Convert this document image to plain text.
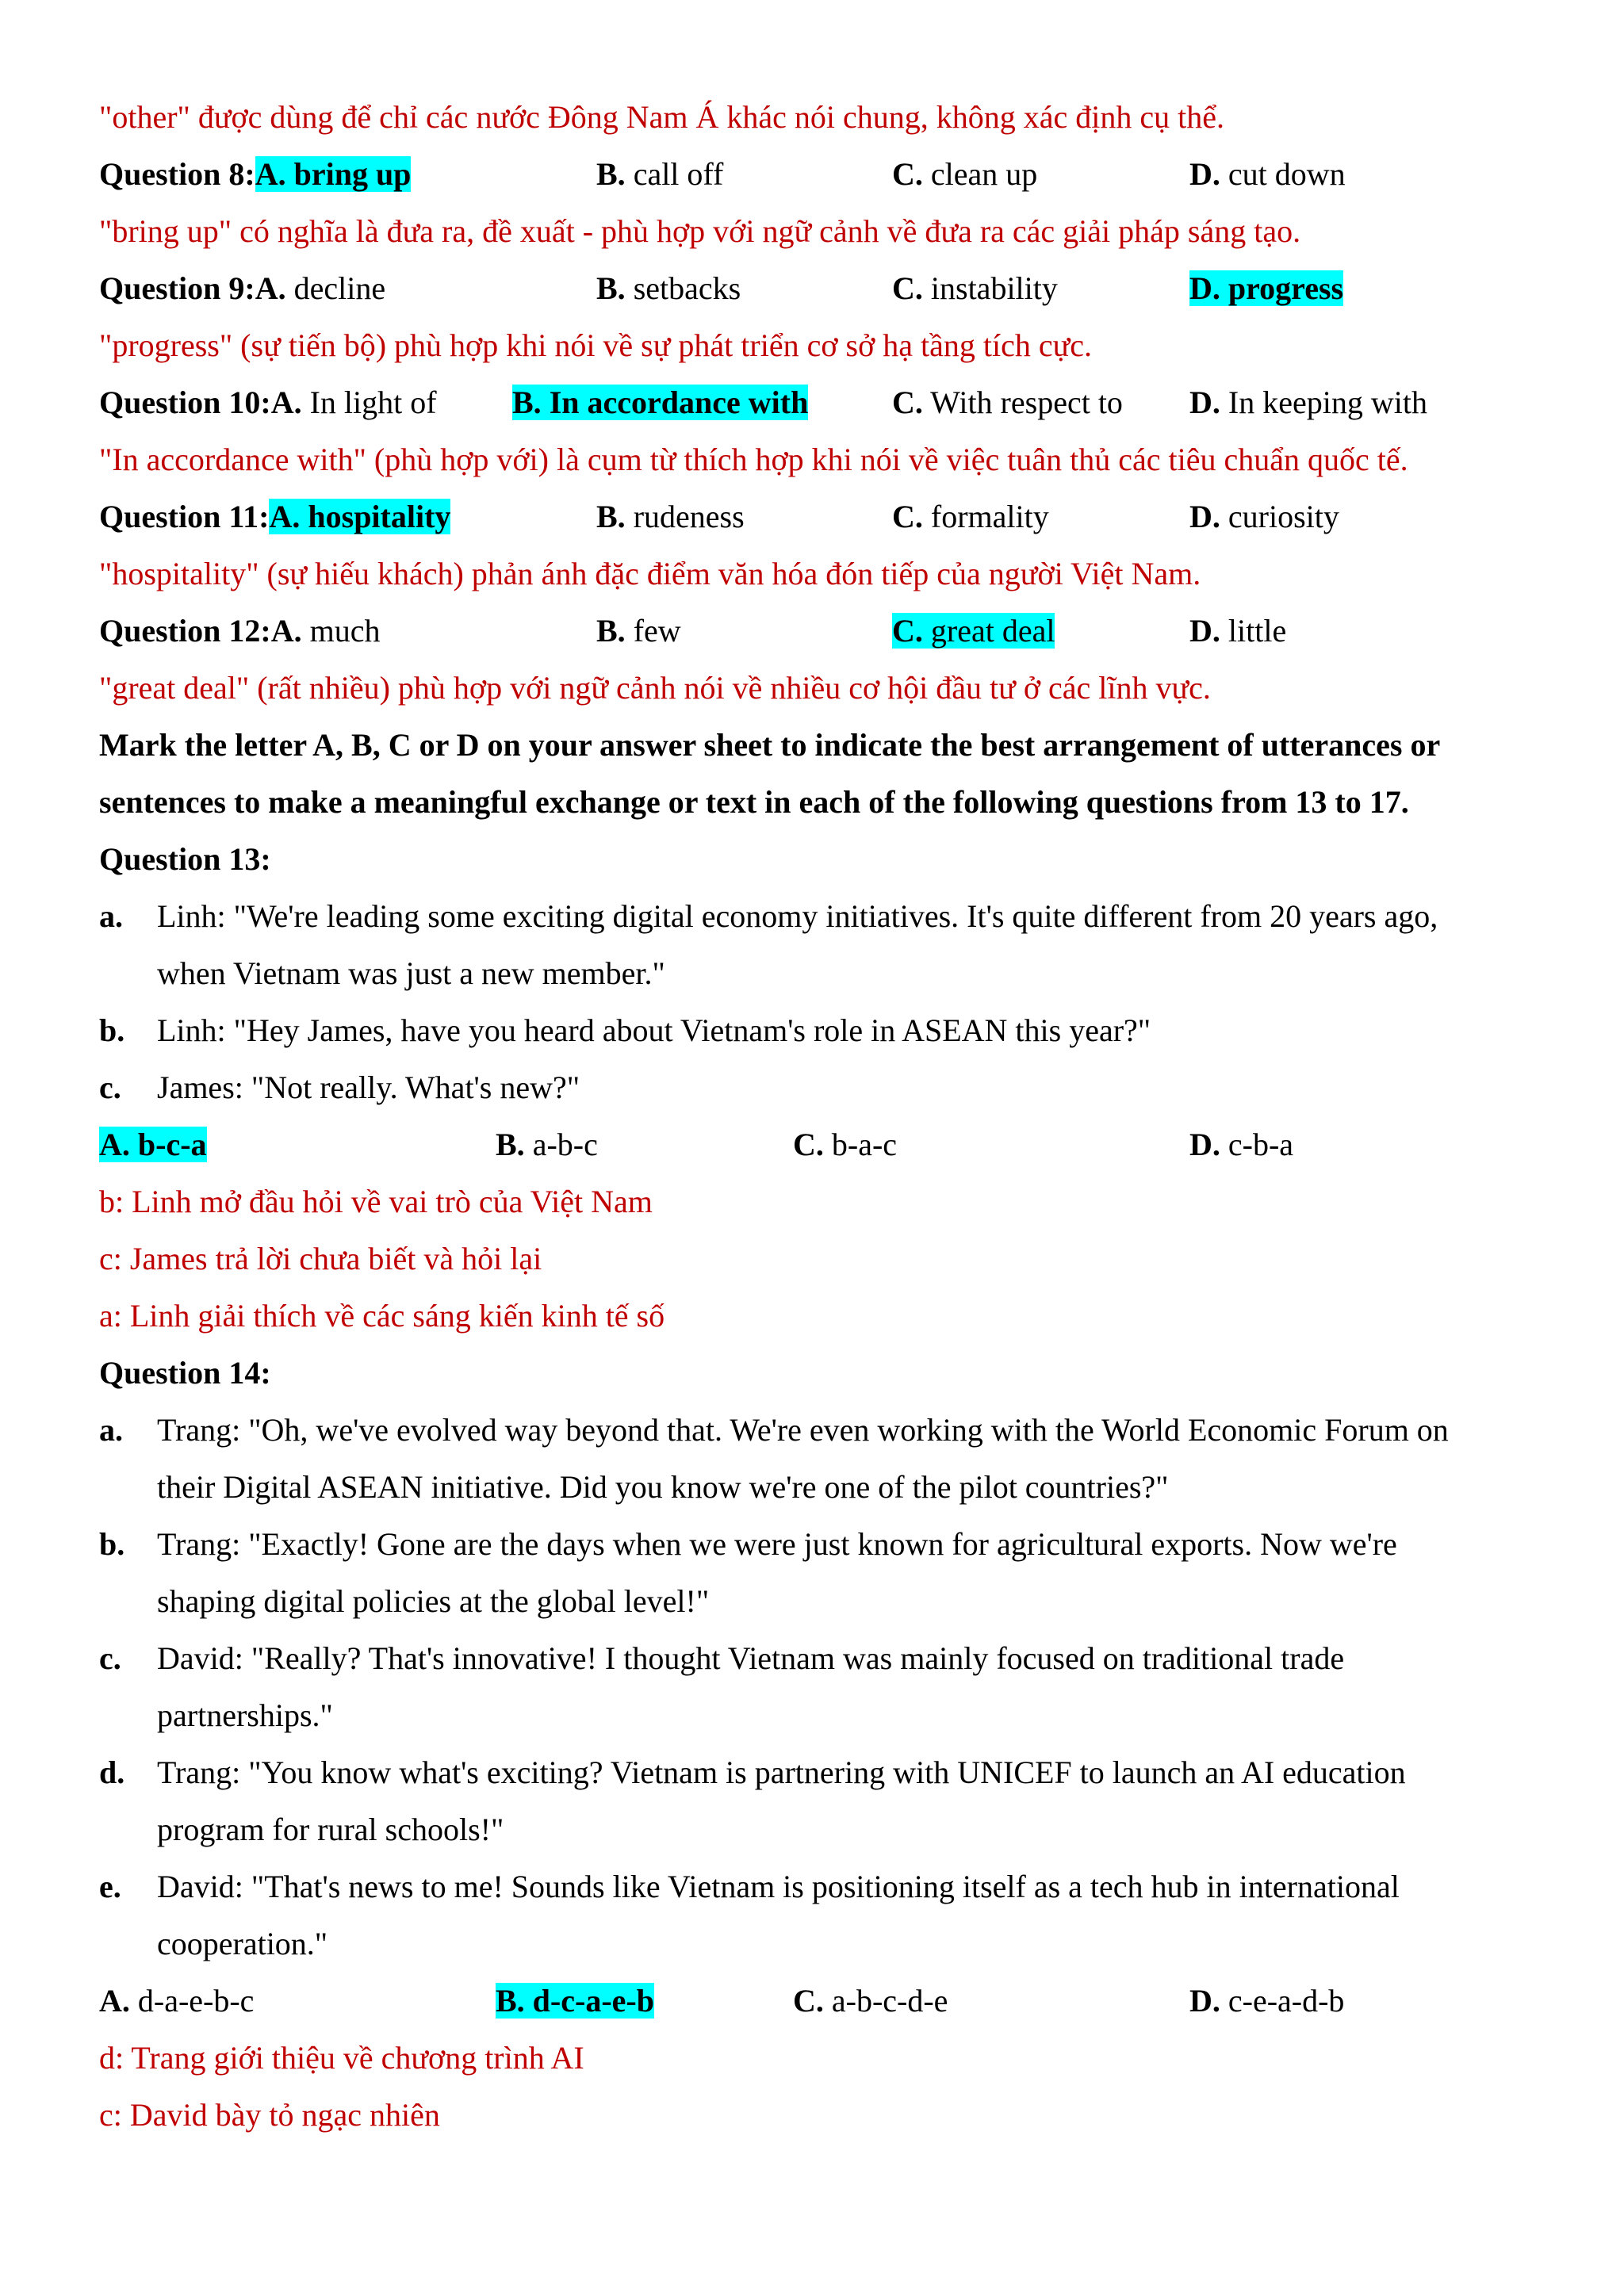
"other" được dùng để chỉ các nước Đông Nam Á khác nói chung, không xác định cụ thể.
Question 8:A. bring up	B. call off	C. clean up	D. cut down
"bring up" có nghĩa là đưa ra, đề xuất - phù hợp với ngữ cảnh về đưa ra các giải pháp sáng tạo.
Question 9:A. decline	B. setbacks	C. instability	D. progress
"progress" (sự tiến bộ) phù hợp khi nói về sự phát triển cơ sở hạ tầng tích cực.
Question 10:A. In light of B. In accordance with	C. With respect to D. In keeping with
"In accordance with" (phù hợp với) là cụm từ thích hợp khi nói về việc tuân thủ các tiêu chuẩn quốc tế.
Question 11:A. hospitality	B. rudeness	C. formality	D. curiosity
"hospitality" (sự hiếu khách) phản ánh đặc điểm văn hóa đón tiếp của người Việt Nam.
Question 12:A. much	B. few	C. great deal	D. little
"great deal" (rất nhiều) phù hợp với ngữ cảnh nói về nhiều cơ hội đầu tư ở các lĩnh vực.
Mark the letter A, B, C or D on your answer sheet to indicate the best arrangement of utterances or
sentences to make a meaningful exchange or text in each of the following questions from 13 to 17.
Question 13:
a. Linh: "We're leading some exciting digital economy initiatives. It's quite different from 20 years ago,
when Vietnam was just a new member."
b. Linh: "Hey James, have you heard about Vietnam's role in ASEAN this year?"
c. James: "Not really. What's new?"
A. b-c-a	B. a-b-c	C. b-a-c	D. c-b-a
b: Linh mở đầu hỏi về vai trò của Việt Nam
c: James trả lời chưa biết và hỏi lại
a: Linh giải thích về các sáng kiến kinh tế số
Question 14:
a. Trang: "Oh, we've evolved way beyond that. We're even working with the World Economic Forum on
their Digital ASEAN initiative. Did you know we're one of the pilot countries?"
b. Trang: "Exactly! Gone are the days when we were just known for agricultural exports. Now we're
shaping digital policies at the global level!"
c. David: "Really? That's innovative! I thought Vietnam was mainly focused on traditional trade
partnerships."
d. Trang: "You know what's exciting? Vietnam is partnering with UNICEF to launch an AI education
program for rural schools!"
e. David: "That's news to me! Sounds like Vietnam is positioning itself as a tech hub in international
cooperation."
A. d-a-e-b-c	B. d-c-a-e-b	C. a-b-c-d-e	D. c-e-a-d-b
d: Trang giới thiệu về chương trình AI
c: David bày tỏ ngạc nhiên
